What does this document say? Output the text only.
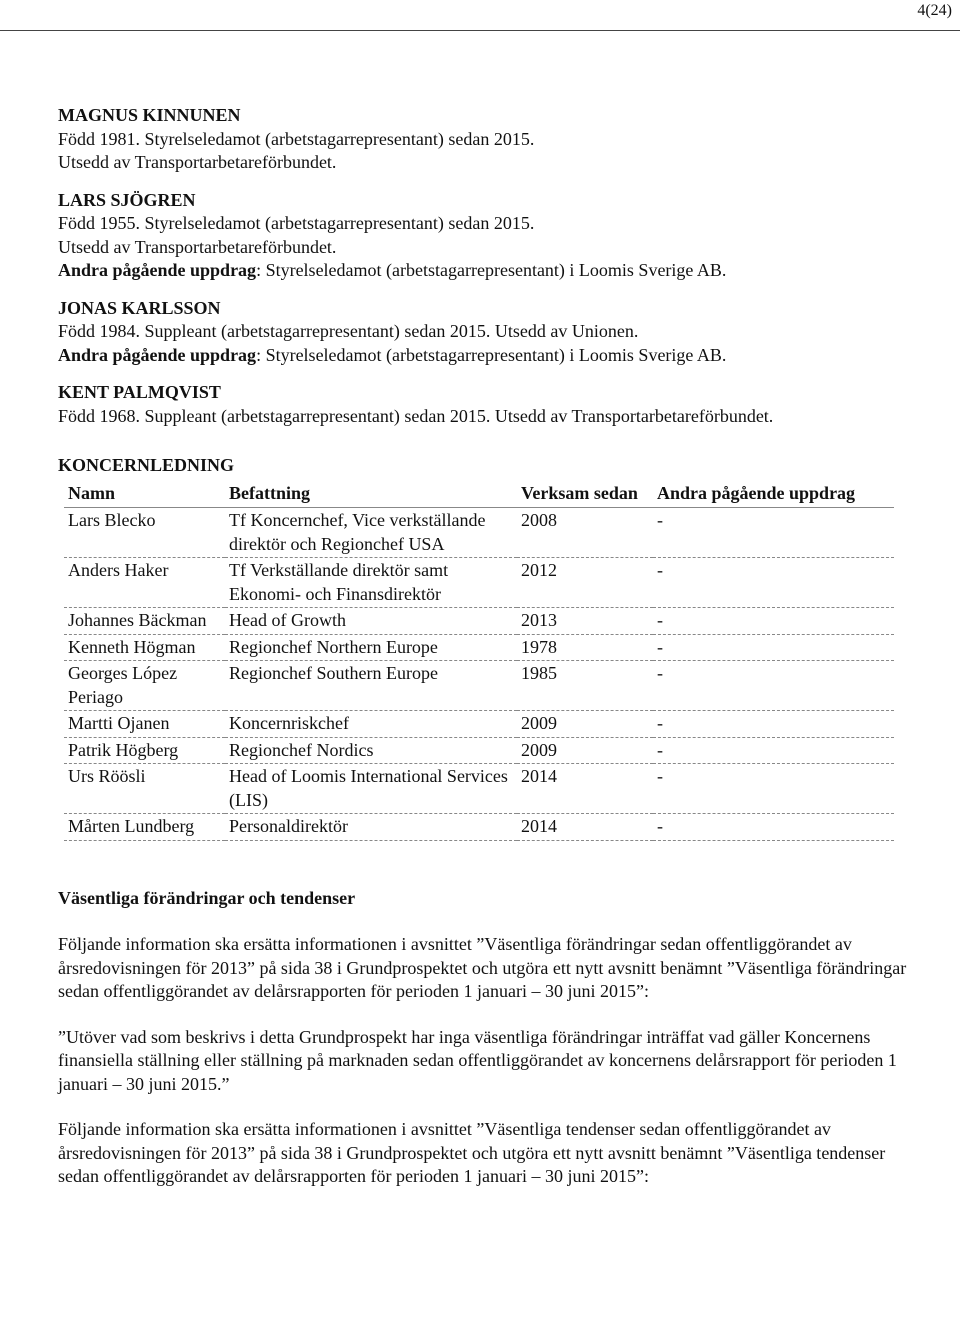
4(24)
MAGNUS KINNUNEN
Född 1981. Styrelseledamot (arbetstagarrepresentant) sedan 2015.
Utsedd av Transportarbetareförbundet.
LARS SJÖGREN
Född 1955. Styrelseledamot (arbetstagarrepresentant) sedan 2015.
Utsedd av Transportarbetareförbundet.
Andra pågående uppdrag: Styrelseledamot (arbetstagarrepresentant) i Loomis Sverige AB.
JONAS KARLSSON
Född 1984. Suppleant (arbetstagarrepresentant) sedan 2015. Utsedd av Unionen.
Andra pågående uppdrag: Styrelseledamot (arbetstagarrepresentant) i Loomis Sverige AB.
KENT PALMQVIST
Född 1968. Suppleant (arbetstagarrepresentant) sedan 2015. Utsedd av Transportarbetareförbundet.
KONCERNLEDNING
Namn	Befattning	Verksam sedan	Andra pågående uppdrag
Lars Blecko	Tf Koncernchef, Vice verkställande direktör och Regionchef USA	2008	-
Anders Haker	Tf Verkställande direktör samt Ekonomi- och Finansdirektör	2012	-
Johannes Bäckman	Head of Growth	2013	-
Kenneth Högman	Regionchef Northern Europe	1978	-
Georges López Periago	Regionchef Southern Europe	1985	-
Martti Ojanen	Koncernriskchef	2009	-
Patrik Högberg	Regionchef Nordics	2009	-
Urs Röösli	Head of Loomis International Services (LIS)	2014	-
Mårten Lundberg	Personaldirektör	2014	-
Väsentliga förändringar och tendenser
Följande information ska ersätta informationen i avsnittet ”Väsentliga förändringar sedan offentliggörandet av årsredovisningen för 2013” på sida 38 i Grundprospektet och utgöra ett nytt avsnitt benämnt ”Väsentliga förändringar sedan offentliggörandet av delårsrapporten för perioden 1 januari – 30 juni 2015”:
”Utöver vad som beskrivs i detta Grundprospekt har inga väsentliga förändringar inträffat vad gäller Koncernens finansiella ställning eller ställning på marknaden sedan offentliggörandet av koncernens delårsrapport för perioden 1 januari – 30 juni 2015.”
Följande information ska ersätta informationen i avsnittet ”Väsentliga tendenser sedan offentliggörandet av årsredovisningen för 2013” på sida 38 i Grundprospektet och utgöra ett nytt avsnitt benämnt ”Väsentliga tendenser sedan offentliggörandet av delårsrapporten för perioden 1 januari – 30 juni 2015”:
